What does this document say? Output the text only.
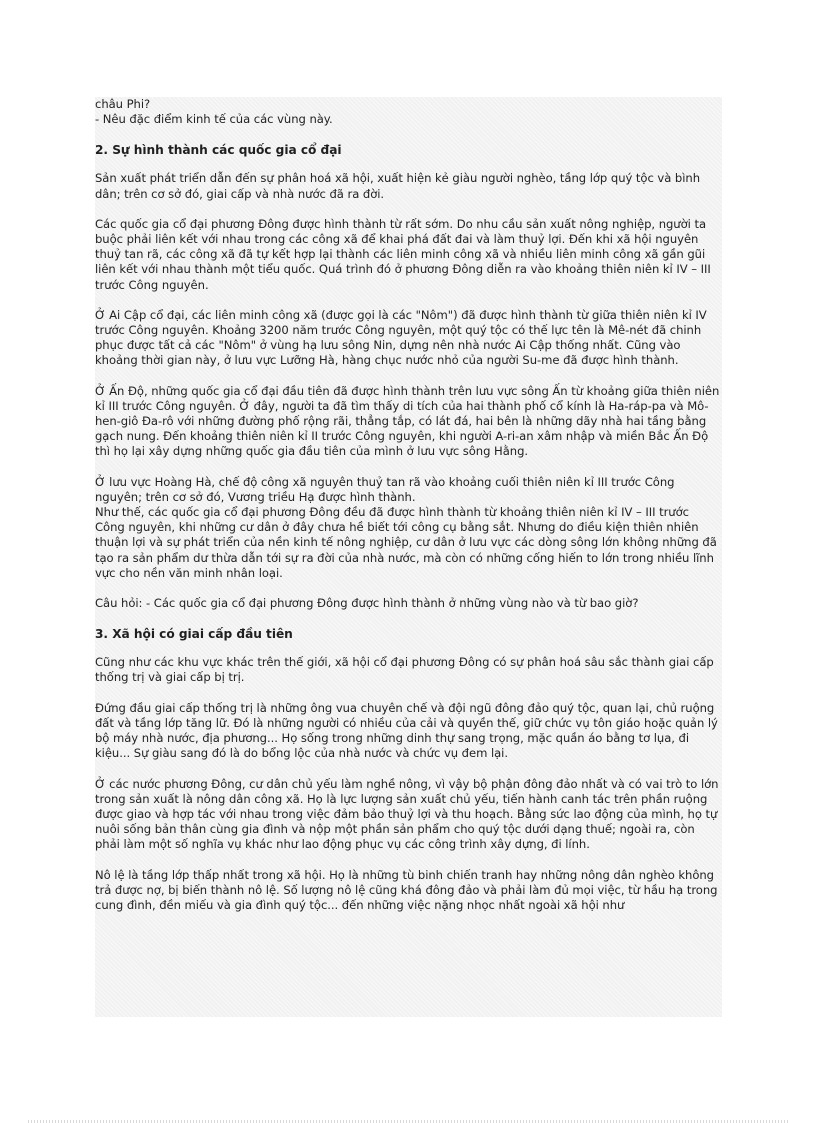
châu Phi?
- Nêu đặc điểm kinh tế của các vùng này.

2. Sự hình thành các quốc gia cổ đại

Sản xuất phát triển dẫn đến sự phân hoá xã hội, xuất hiện kẻ giàu người nghèo, tầng lớp quý tộc và bình dân; trên cơ sở đó, giai cấp và nhà nước đã ra đời.

Các quốc gia cổ đại phương Đông được hình thành từ rất sớm. Do nhu cầu sản xuất nông nghiệp, người ta buộc phải liên kết với nhau trong các công xã để khai phá đất đai và làm thuỷ lợi. Đến khi xã hội nguyên thuỷ tan rã, các công xã đã tự kết hợp lại thành các liên minh công xã và nhiều liên minh công xã gần gũi liên kết với nhau thành một tiểu quốc. Quá trình đó ở phương Đông diễn ra vào khoảng thiên niên kỉ IV – III trước Công nguyên.

Ở Ai Cập cổ đại, các liên minh công xã (được gọi là các "Nôm") đã được hình thành từ giữa thiên niên kỉ IV trước Công nguyên. Khoảng 3200 năm trước Công nguyên, một quý tộc có thế lực tên là Mê-nét đã chinh phục được tất cả các "Nôm" ở vùng hạ lưu sông Nin, dựng nên nhà nước Ai Cập thống nhất. Cũng vào khoảng thời gian này, ở lưu vực Lưỡng Hà, hàng chục nước nhỏ của người Su-me đã được hình thành.

Ở Ấn Độ, những quốc gia cổ đại đầu tiên đã được hình thành trên lưu vực sông Ấn từ khoảng giữa thiên niên kỉ III trước Công nguyên. Ở đây, người ta đã tìm thấy di tích của hai thành phố cổ kính là Ha-ráp-pa và Mô-hen-giô Đa-rô với những đường phố rộng rãi, thẳng tắp, có lát đá, hai bên là những dãy nhà hai tầng bằng gạch nung. Đến khoảng thiên niên kỉ II trước Công nguyên, khi người A-ri-an xâm nhập và miền Bắc Ấn Độ thì họ lại xây dựng những quốc gia đầu tiên của mình ở lưu vực sông Hằng.

Ở lưu vực Hoàng Hà, chế độ công xã nguyên thuỷ tan rã vào khoảng cuối thiên niên kỉ III trước Công nguyên; trên cơ sở đó, Vương triều Hạ được hình thành.

Như thế, các quốc gia cổ đại phương Đông đều đã được hình thành từ khoảng thiên niên kỉ IV – III trước Công nguyên, khi những cư dân ở đây chưa hề biết tới công cụ bằng sắt. Nhưng do điều kiện thiên nhiên thuận lợi và sự phát triển của nền kinh tế nông nghiệp, cư dân ở lưu vực các dòng sông lớn không những đã tạo ra sản phẩm dư thừa dẫn tới sự ra đời của nhà nước, mà còn có những cống hiến to lớn trong nhiều lĩnh vực cho nền văn minh nhân loại.

Câu hỏi: - Các quốc gia cổ đại phương Đông được hình thành ở những vùng nào và từ bao giờ?

3. Xã hội có giai cấp đầu tiên

Cũng như các khu vực khác trên thế giới, xã hội cổ đại phương Đông có sự phân hoá sâu sắc thành giai cấp thống trị và giai cấp bị trị.

Đứng đầu giai cấp thống trị là những ông vua chuyên chế và đội ngũ đông đảo quý tộc, quan lại, chủ ruộng đất và tầng lớp tăng lữ. Đó là những người có nhiều của cải và quyền thế, giữ chức vụ tôn giáo hoặc quản lý bộ máy nhà nước, địa phương... Họ sống trong những dinh thự sang trọng, mặc quần áo bằng tơ lụa, đi kiệu... Sự giàu sang đó là do bổng lộc của nhà nước và chức vụ đem lại.

Ở các nước phương Đông, cư dân chủ yếu làm nghề nông, vì vậy bộ phận đông đảo nhất và có vai trò to lớn trong sản xuất là nông dân công xã. Họ là lực lượng sản xuất chủ yếu, tiến hành canh tác trên phần ruộng được giao và hợp tác với nhau trong việc đảm bảo thuỷ lợi và thu hoạch. Bằng sức lao động của mình, họ tự nuôi sống bản thân cùng gia đình và nộp một phần sản phẩm cho quý tộc dưới dạng thuế; ngoài ra, còn phải làm một số nghĩa vụ khác như lao động phục vụ các công trình xây dựng, đi lính.

Nô lệ là tầng lớp thấp nhất trong xã hội. Họ là những tù binh chiến tranh hay những nông dân nghèo không trả được nợ, bị biến thành nô lệ. Số lượng nô lệ cũng khá đông đảo và phải làm đủ mọi việc, từ hầu hạ trong cung đình, đền miếu và gia đình quý tộc... đến những việc nặng nhọc nhất ngoài xã hội như
